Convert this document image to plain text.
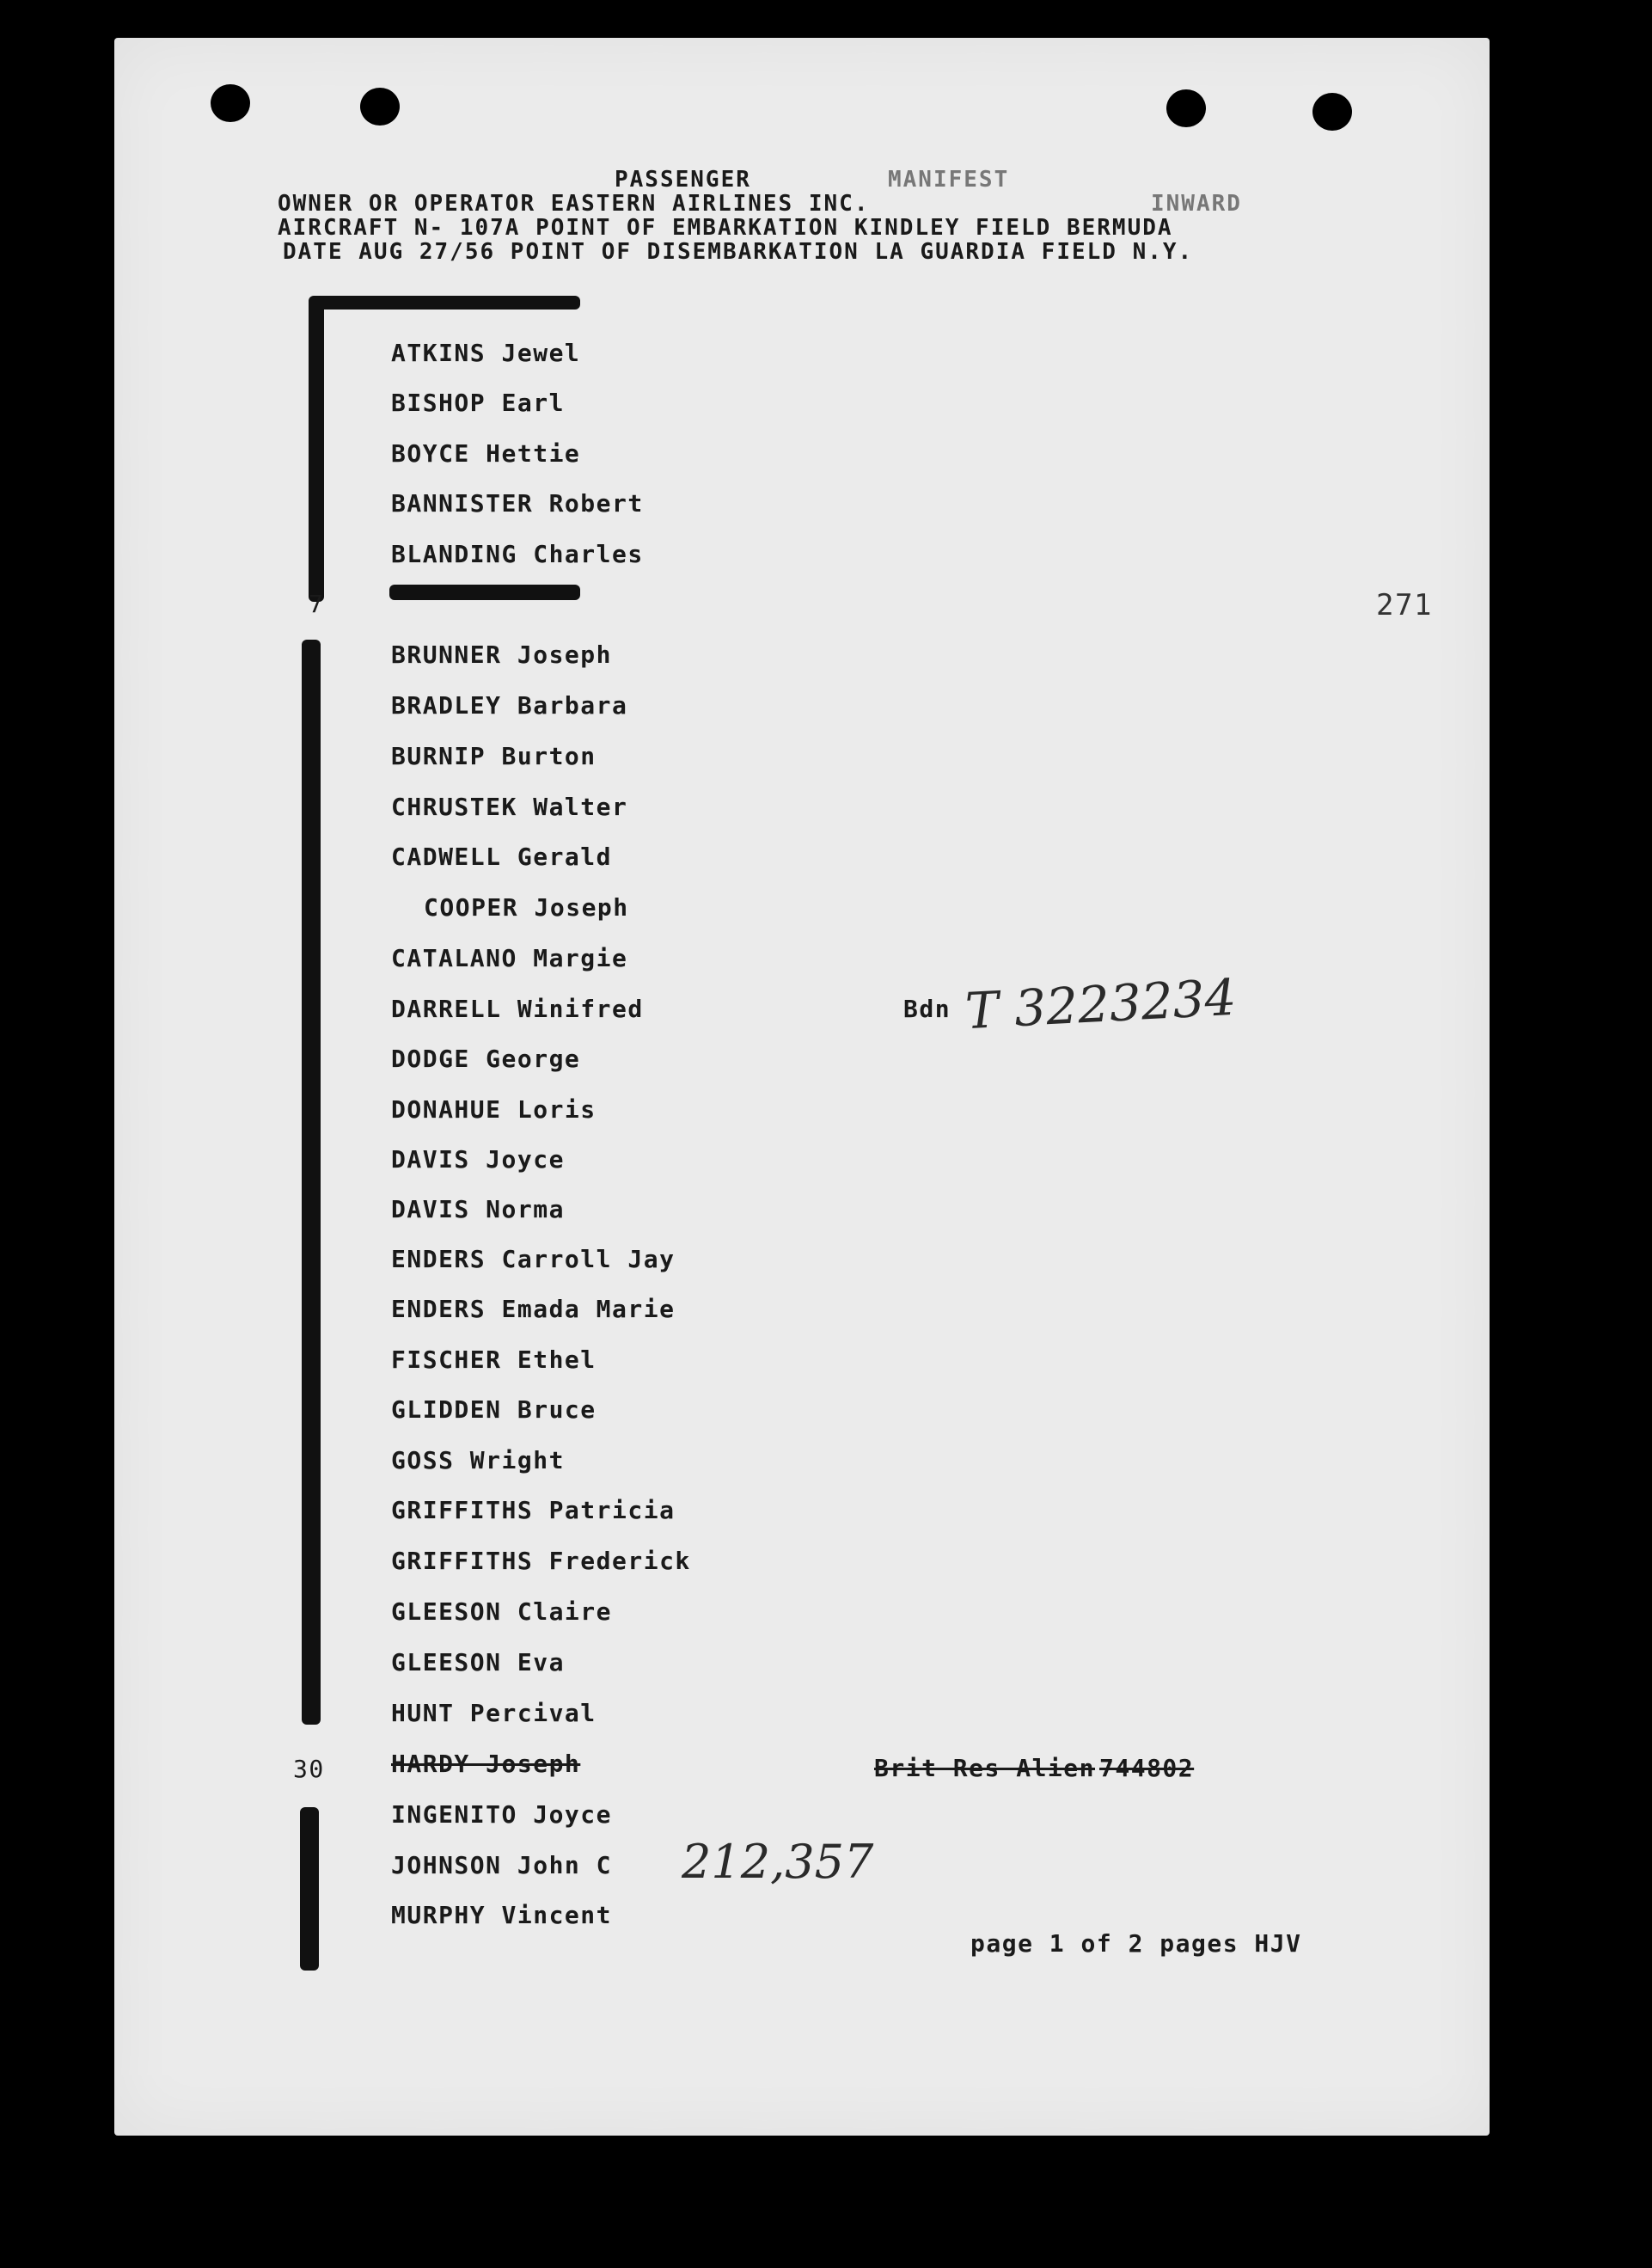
PASSENGER	MANIFEST
OWNER OR OPERATOR EASTERN AIRLINES INC.	INWARD
AIRCRAFT N- 107A POINT OF EMBARKATION KINDLEY FIELD BERMUDA
DATE AUG 27/56 POINT OF DISEMBARKATION LA GUARDIA FIELD N.Y.
271
7
30
ATKINS Jewel
BISHOP Earl
BOYCE Hettie
BANNISTER Robert
BLANDING Charles
BRUNNER Joseph
BRADLEY Barbara
BURNIP Burton
CHRUSTEK Walter
CADWELL Gerald
COOPER Joseph
CATALANO Margie
DARRELL Winifred
DODGE George
DONAHUE Loris
DAVIS Joyce
DAVIS Norma
ENDERS Carroll Jay
ENDERS Emada Marie
FISCHER Ethel
GLIDDEN Bruce
GOSS Wright
GRIFFITHS Patricia
GRIFFITHS Frederick
GLEESON Claire
GLEESON Eva
HUNT Percival
HARDY Joseph
INGENITO Joyce
JOHNSON John C
MURPHY Vincent
Bdn T 3223234
Brit Res Alien 744802
212,357
page 1 of 2 pages HJV
